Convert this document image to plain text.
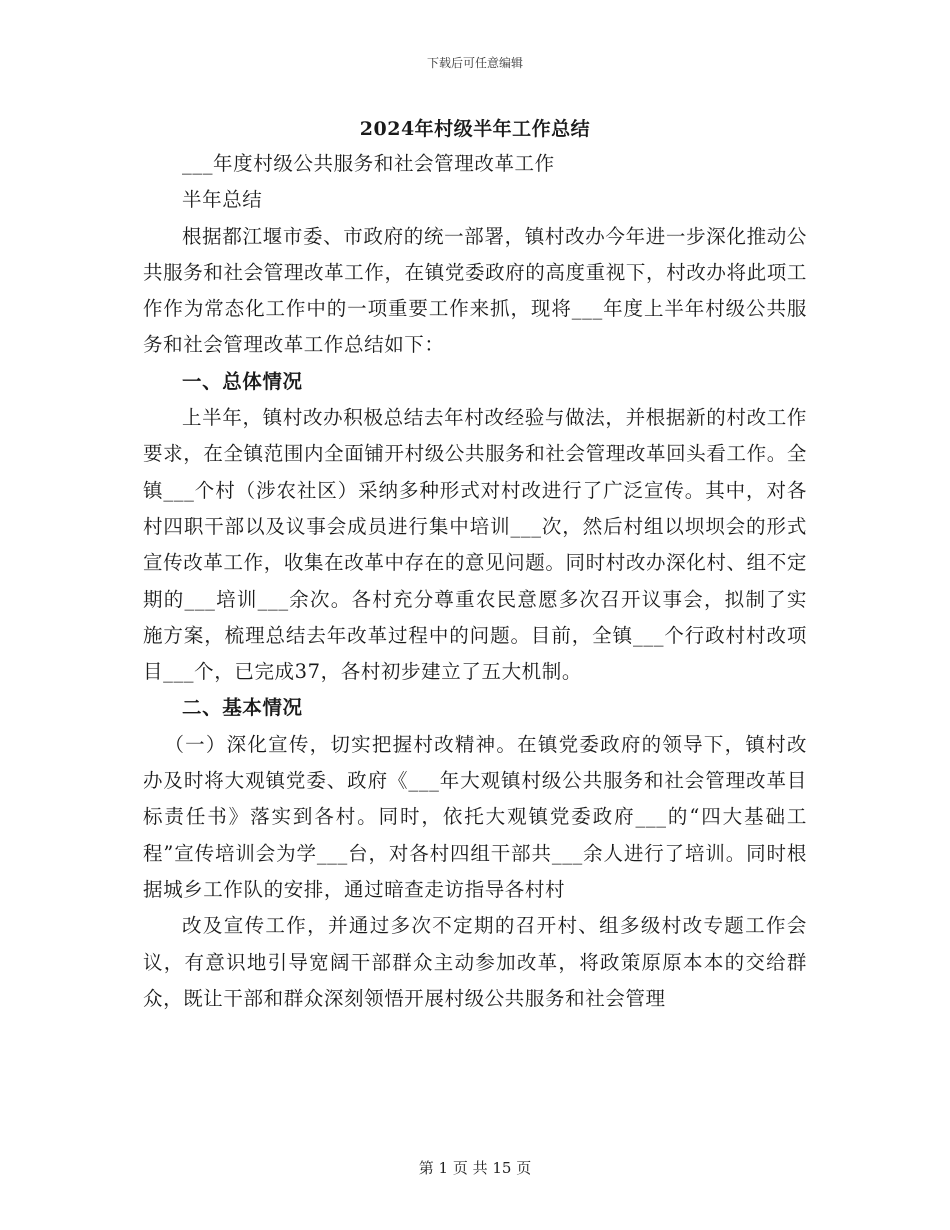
下载后可任意编辑
2024年村级半年工作总结

___年度村级公共服务和社会管理改革工作

半年总结

根据都江堰市委、市政府的统一部署，镇村改办今年进一步深化推动公共服务和社会管理改革工作，在镇党委政府的高度重视下，村改办将此项工作作为常态化工作中的一项重要工作来抓，现将___年度上半年村级公共服务和社会管理改革工作总结如下：

一、总体情况

上半年，镇村改办积极总结去年村改经验与做法，并根据新的村改工作要求，在全镇范围内全面铺开村级公共服务和社会管理改革回头看工作。全镇___个村（涉农社区）采纳多种形式对村改进行了广泛宣传。其中，对各村四职干部以及议事会成员进行集中培训___次，然后村组以坝坝会的形式宣传改革工作，收集在改革中存在的意见问题。同时村改办深化村、组不定期的___培训___余次。各村充分尊重农民意愿多次召开议事会，拟制了实施方案，梳理总结去年改革过程中的问题。目前，全镇___个行政村村改项目___个，已完成37，各村初步建立了五大机制。

二、基本情况

（一）深化宣传，切实把握村改精神。在镇党委政府的领导下，镇村改办及时将大观镇党委、政府《___年大观镇村级公共服务和社会管理改革目标责任书》落实到各村。同时，依托大观镇党委政府___的“四大基础工程”宣传培训会为学___台，对各村四组干部共___余人进行了培训。同时根据城乡工作队的安排，通过暗查走访指导各村村

改及宣传工作，并通过多次不定期的召开村、组多级村改专题工作会议，有意识地引导宽阔干部群众主动参加改革，将政策原原本本的交给群众，既让干部和群众深刻领悟开展村级公共服务和社会管理

第 1 页 共 15 页
